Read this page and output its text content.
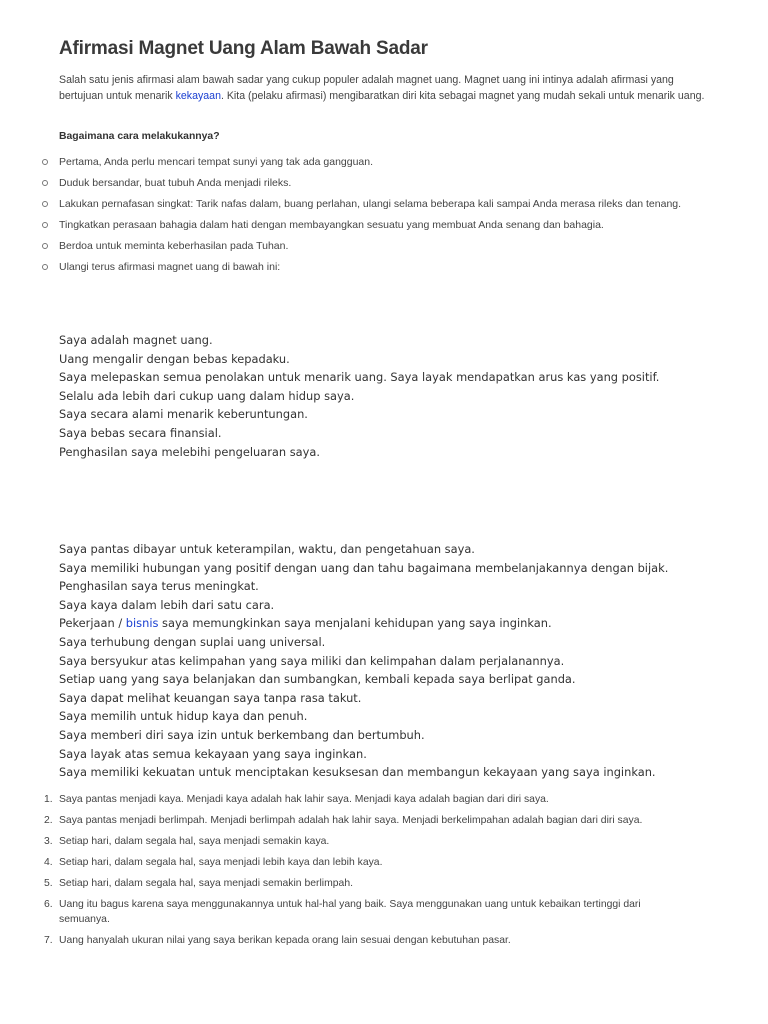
Afirmasi Magnet Uang Alam Bawah Sadar

Salah satu jenis afirmasi alam bawah sadar yang cukup populer adalah magnet uang. Magnet uang ini intinya adalah afirmasi yang bertujuan untuk menarik kekayaan. Kita (pelaku afirmasi) mengibaratkan diri kita sebagai magnet yang mudah sekali untuk menarik uang.

Bagaimana cara melakukannya?

Pertama, Anda perlu mencari tempat sunyi yang tak ada gangguan.
Duduk bersandar, buat tubuh Anda menjadi rileks.
Lakukan pernafasan singkat: Tarik nafas dalam, buang perlahan, ulangi selama beberapa kali sampai Anda merasa rileks dan tenang.
Tingkatkan perasaan bahagia dalam hati dengan membayangkan sesuatu yang membuat Anda senang dan bahagia.
Berdoa untuk meminta keberhasilan pada Tuhan.
Ulangi terus afirmasi magnet uang di bawah ini:
Saya adalah magnet uang.
Uang mengalir dengan bebas kepadaku.
Saya melepaskan semua penolakan untuk menarik uang. Saya layak mendapatkan arus kas yang positif.
Selalu ada lebih dari cukup uang dalam hidup saya.
Saya secara alami menarik keberuntungan.
Saya bebas secara finansial.
Penghasilan saya melebihi pengeluaran saya.
Saya pantas dibayar untuk keterampilan, waktu, dan pengetahuan saya.
Saya memiliki hubungan yang positif dengan uang dan tahu bagaimana membelanjakannya dengan bijak.
Penghasilan saya terus meningkat.
Saya kaya dalam lebih dari satu cara.
Pekerjaan / bisnis saya memungkinkan saya menjalani kehidupan yang saya inginkan.
Saya terhubung dengan suplai uang universal.
Saya bersyukur atas kelimpahan yang saya miliki dan kelimpahan dalam perjalanannya.
Setiap uang yang saya belanjakan dan sumbangkan, kembali kepada saya berlipat ganda.
Saya dapat melihat keuangan saya tanpa rasa takut.
Saya memilih untuk hidup kaya dan penuh.
Saya memberi diri saya izin untuk berkembang dan bertumbuh.
Saya layak atas semua kekayaan yang saya inginkan.
Saya memiliki kekuatan untuk menciptakan kesuksesan dan membangun kekayaan yang saya inginkan.
1. Saya pantas menjadi kaya. Menjadi kaya adalah hak lahir saya. Menjadi kaya adalah bagian dari diri saya.
2. Saya pantas menjadi berlimpah. Menjadi berlimpah adalah hak lahir saya. Menjadi berkelimpahan adalah bagian dari diri saya.
3. Setiap hari, dalam segala hal, saya menjadi semakin kaya.
4. Setiap hari, dalam segala hal, saya menjadi lebih kaya dan lebih kaya.
5. Setiap hari, dalam segala hal, saya menjadi semakin berlimpah.
6. Uang itu bagus karena saya menggunakannya untuk hal-hal yang baik. Saya menggunakan uang untuk kebaikan tertinggi dari semuanya.
7. Uang hanyalah ukuran nilai yang saya berikan kepada orang lain sesuai dengan kebutuhan pasar.
